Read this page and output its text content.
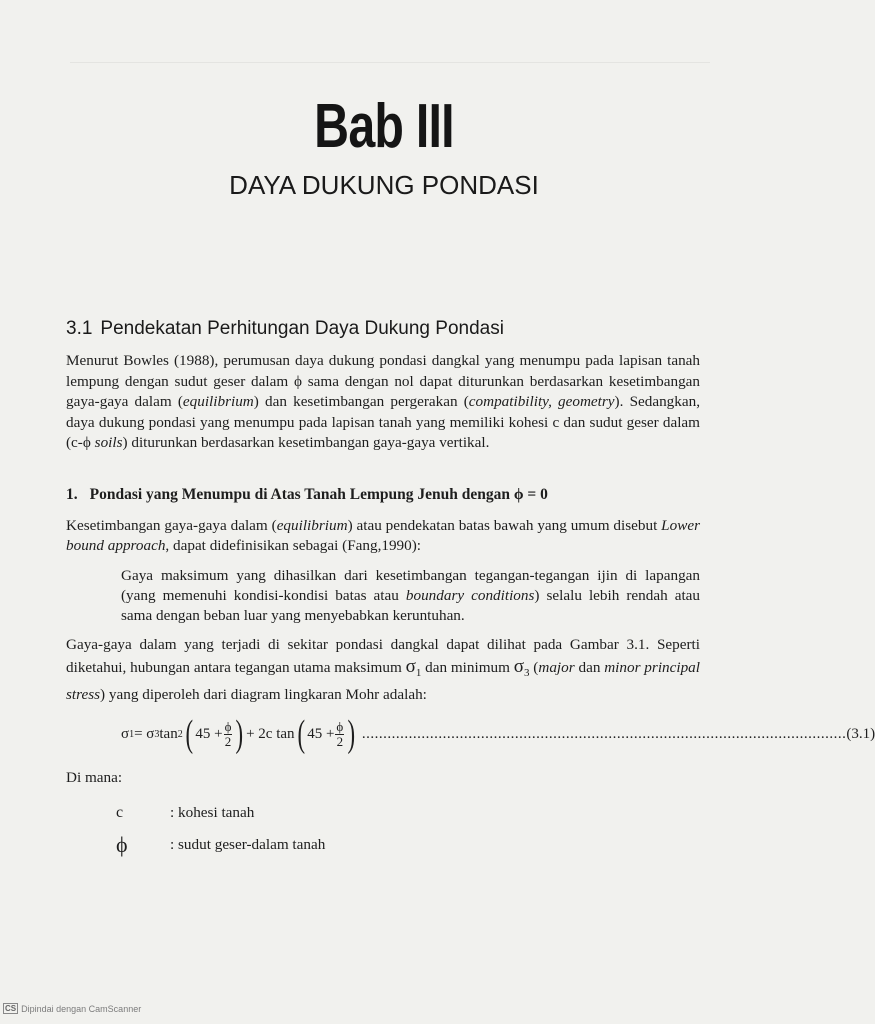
Bab III
DAYA DUKUNG PONDASI
3.1 Pendekatan Perhitungan Daya Dukung Pondasi
Menurut Bowles (1988), perumusan daya dukung pondasi dangkal yang menumpu pada lapisan tanah lempung dengan sudut geser dalam ϕ sama dengan nol dapat diturunkan berdasarkan kesetimbangan gaya-gaya dalam (equilibrium) dan kesetimbangan pergerakan (compatibility, geometry). Sedangkan, daya dukung pondasi yang menumpu pada lapisan tanah yang memiliki kohesi c dan sudut geser dalam (c-ϕ soils) diturunkan berdasarkan kesetimbangan gaya-gaya vertikal.
1. Pondasi yang Menumpu di Atas Tanah Lempung Jenuh dengan ϕ = 0
Kesetimbangan gaya-gaya dalam (equilibrium) atau pendekatan batas bawah yang umum disebut Lower bound approach, dapat didefinisikan sebagai (Fang,1990):
Gaya maksimum yang dihasilkan dari kesetimbangan tegangan-tegangan ijin di lapangan (yang memenuhi kondisi-kondisi batas atau boundary conditions) selalu lebih rendah atau sama dengan beban luar yang menyebabkan keruntuhan.
Gaya-gaya dalam yang terjadi di sekitar pondasi dangkal dapat dilihat pada Gambar 3.1. Seperti diketahui, hubungan antara tegangan utama maksimum $\sigma_1$ dan minimum $\sigma_3$ (major dan minor principal stress) yang diperoleh dari diagram lingkaran Mohr adalah:
σ 1 = σ 3 tan 2 ( $45 + \frac{\phi}{2}$ ) + 2c tan ( $45 + \frac{\phi}{2}$ ) .................................................................................................................. (3.1)
Di mana:
c	: kohesi tanah
ϕ	: sudut geser-dalam tanah
CS Dipindai dengan CamScanner
